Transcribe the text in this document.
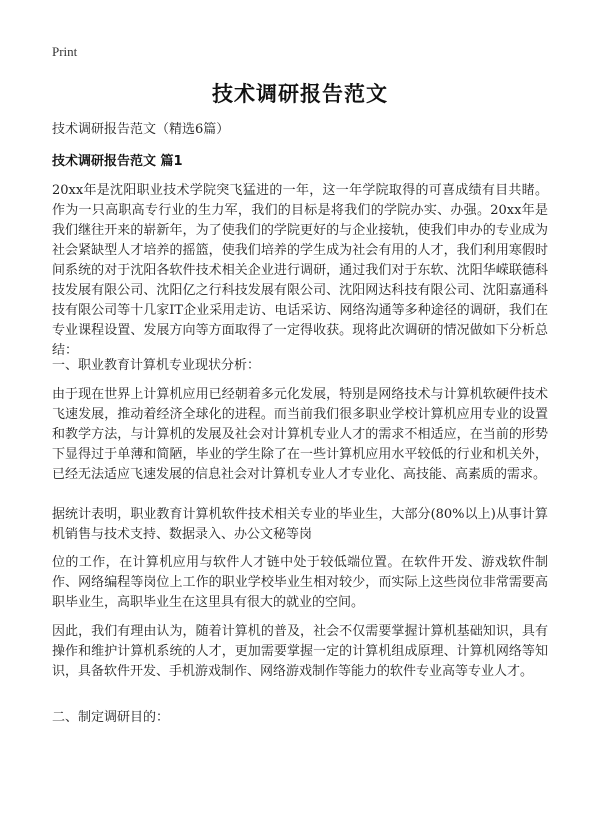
Print
技术调研报告范文
技术调研报告范文（精选6篇）
技术调研报告范文 篇1

20xx年是沈阳职业技术学院突飞猛进的一年，这一年学院取得的可喜成绩有目共睹。作为一只高职高专行业的生力军，我们的目标是将我们的学院办实、办强。20xx年是我们继往开来的崭新年，为了使我们的学院更好的与企业接轨，使我们申办的专业成为社会紧缺型人才培养的摇篮，使我们培养的学生成为社会有用的人才，我们利用寒假时间系统的对于沈阳各软件技术相关企业进行调研，通过我们对于东软、沈阳华嵘联德科技发展有限公司、沈阳亿之行科技发展有限公司、沈阳网达科技有限公司、沈阳嘉通科技有限公司等十几家IT企业采用走访、电话采访、网络沟通等多种途径的调研，我们在专业课程设置、发展方向等方面取得了一定得收获。现将此次调研的情况做如下分析总结：

一、职业教育计算机专业现状分析：

由于现在世界上计算机应用已经朝着多元化发展，特别是网络技术与计算机软硬件技术飞速发展，推动着经济全球化的进程。而当前我们很多职业学校计算机应用专业的设置和教学方法，与计算机的发展及社会对计算机专业人才的需求不相适应，在当前的形势下显得过于单薄和简陋，毕业的学生除了在一些计算机应用水平较低的行业和机关外，已经无法适应飞速发展的信息社会对计算机专业人才专业化、高技能、高素质的需求。

据统计表明，职业教育计算机软件技术相关专业的毕业生，大部分(80%以上)从事计算机销售与技术支持、数据录入、办公文秘等岗

位的工作，在计算机应用与软件人才链中处于较低端位置。在软件开发、游戏软件制作、网络编程等岗位上工作的职业学校毕业生相对较少，而实际上这些岗位非常需要高职毕业生，高职毕业生在这里具有很大的就业的空间。

因此，我们有理由认为，随着计算机的普及，社会不仅需要掌握计算机基础知识，具有操作和维护计算机系统的人才，更加需要掌握一定的计算机组成原理、计算机网络等知识，具备软件开发、手机游戏制作、网络游戏制作等能力的软件专业高等专业人才。

二、制定调研目的：
